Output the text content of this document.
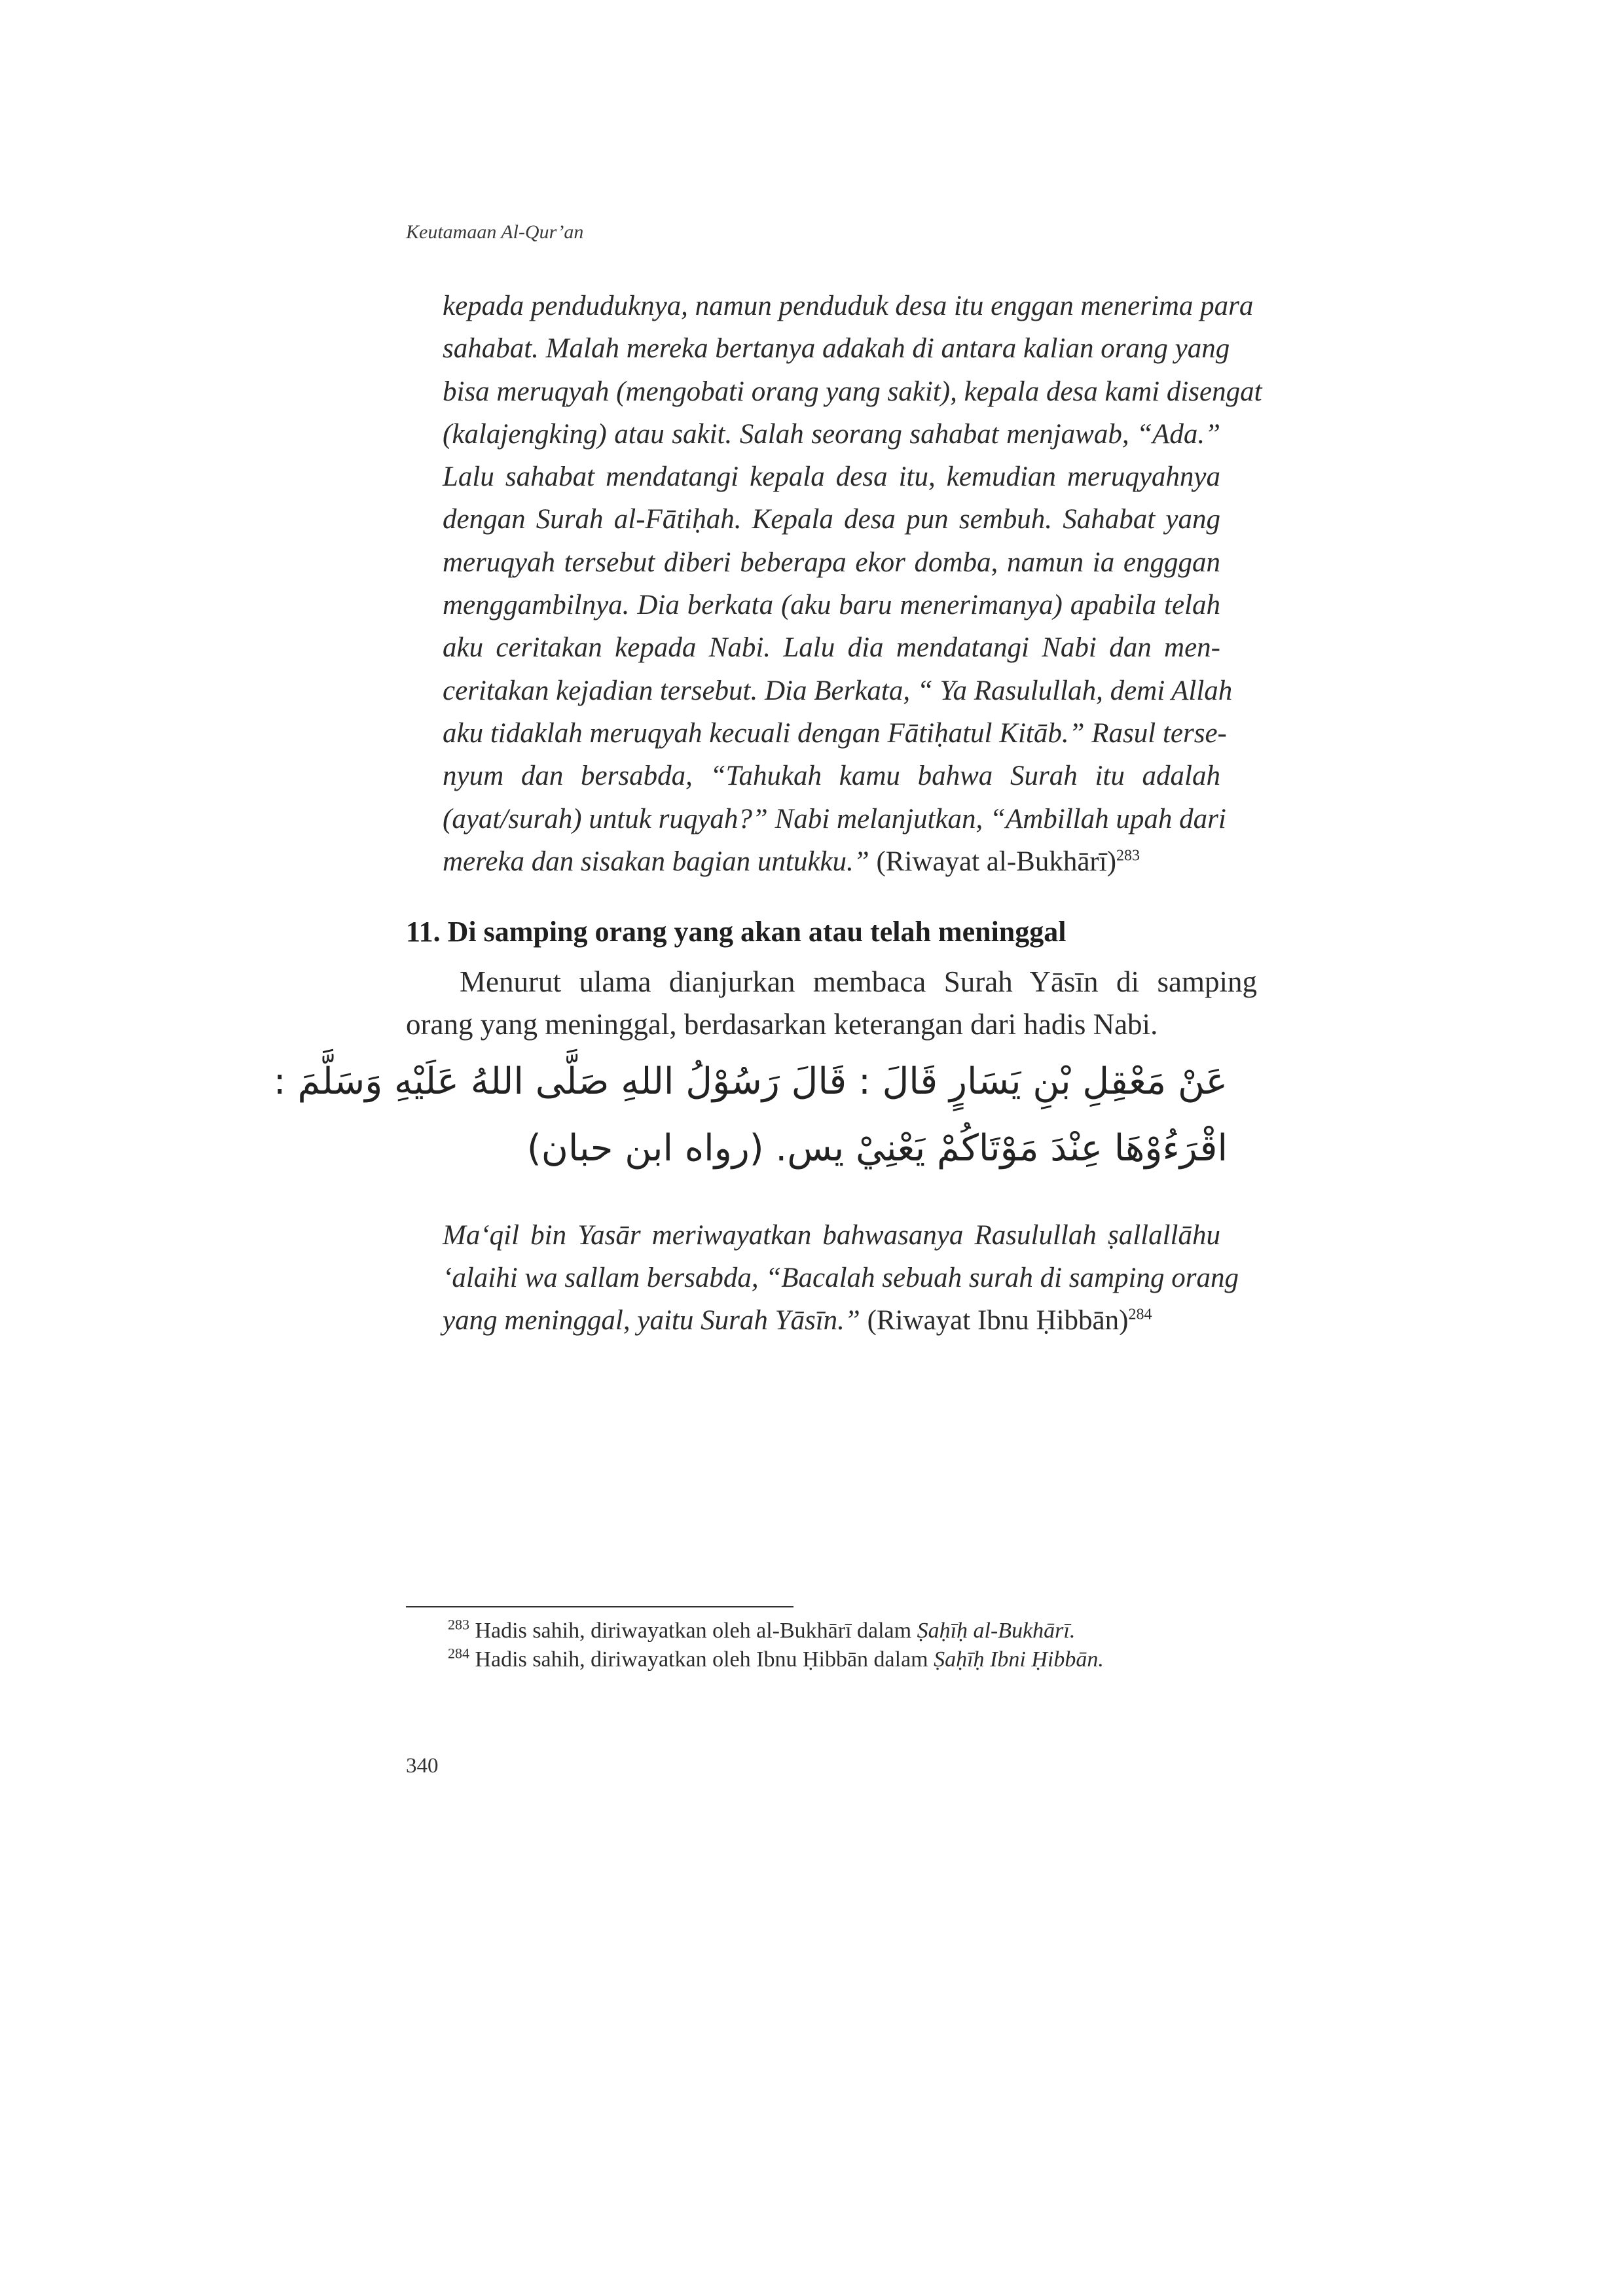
Keutamaan Al-Qur’an
kepada penduduknya, namun penduduk desa itu enggan menerima para
sahabat. Malah mereka bertanya adakah di antara kalian orang yang
bisa meruqyah (mengobati orang yang sakit), kepala desa kami disengat
(kalajengking) atau sakit. Salah seorang sahabat menjawab, “Ada.”
Lalu sahabat mendatangi kepala desa itu, kemudian meruqyahnya
dengan Surah al-Fātiḥah. Kepala desa pun sembuh. Sahabat yang
meruqyah tersebut diberi beberapa ekor domba, namun ia engggan
menggambilnya. Dia berkata (aku baru menerimanya) apabila telah
aku ceritakan kepada Nabi. Lalu dia mendatangi Nabi dan men-
ceritakan kejadian tersebut. Dia Berkata, “ Ya Rasulullah, demi Allah
aku tidaklah meruqyah kecuali dengan Fātiḥatul Kitāb.” Rasul terse-
nyum dan bersabda, “Tahukah kamu bahwa Surah itu adalah
(ayat/surah) untuk ruqyah?” Nabi melanjutkan, “Ambillah upah dari
mereka dan sisakan bagian untukku.” (Riwayat al-Bukhārī)$^{283}$
11. Di samping orang yang akan atau telah meninggal
Menurut ulama dianjurkan membaca Surah Yāsīn di samping
orang yang meninggal, berdasarkan keterangan dari hadis Nabi.
عَنْ مَعْقِلِ بْنِ يَسَارٍ قَالَ : قَالَ رَسُوْلُ اللهِ صَلَّى اللهُ عَلَيْهِ وَسَلَّمَ :
اقْرَءُوْهَا عِنْدَ مَوْتَاكُمْ يَعْنِيْ يس. (رواه ابن حبان)
Ma‘qil bin Yasār meriwayatkan bahwasanya Rasulullah ṣallallāhu
‘alaihi wa sallam bersabda, “Bacalah sebuah surah di samping orang
yang meninggal, yaitu Surah Yāsīn.” (Riwayat Ibnu Ḥibbān)$^{284}$
$^{283}$ Hadis sahih, diriwayatkan oleh al-Bukhārī dalam Ṣaḥīḥ al-Bukhārī.
$^{284}$ Hadis sahih, diriwayatkan oleh Ibnu Ḥibbān dalam Ṣaḥīḥ Ibni Ḥibbān.
340
